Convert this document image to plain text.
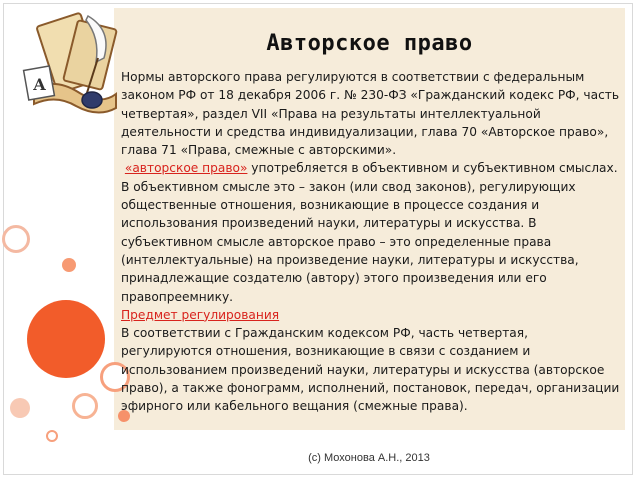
А
Авторское право

Нормы авторского права регулируются в соответствии с федеральным законом РФ от 18 декабря 2006 г. № 230-ФЗ «Гражданский кодекс РФ, часть четвертая», раздел VII «Права на результаты интеллектуальной деятельности и средства индивидуализации, глава 70 «Авторское право», глава 71 «Права, смежные с авторскими».

«авторское право» употребляется в объективном и субъективном смыслах. В объективном смысле это – закон (или свод законов), регулирующих общественные отношения, возникающие в процессе создания и использования произведений науки, литературы и искусства. В субъективном смысле авторское право – это определенные права (интеллектуальные) на произведение науки, литературы и искусства, принадлежащие создателю (автору) этого произведения или его правопреемнику.

Предмет регулирования

В соответствии с Гражданским кодексом РФ, часть четвертая, регулируются отношения, возникающие в связи с созданием и использованием произведений науки, литературы и искусства (авторское право), а также фонограмм, исполнений, постановок, передач, организации эфирного или кабельного вещания (смежные права).

(c) Мохонова А.Н., 2013
